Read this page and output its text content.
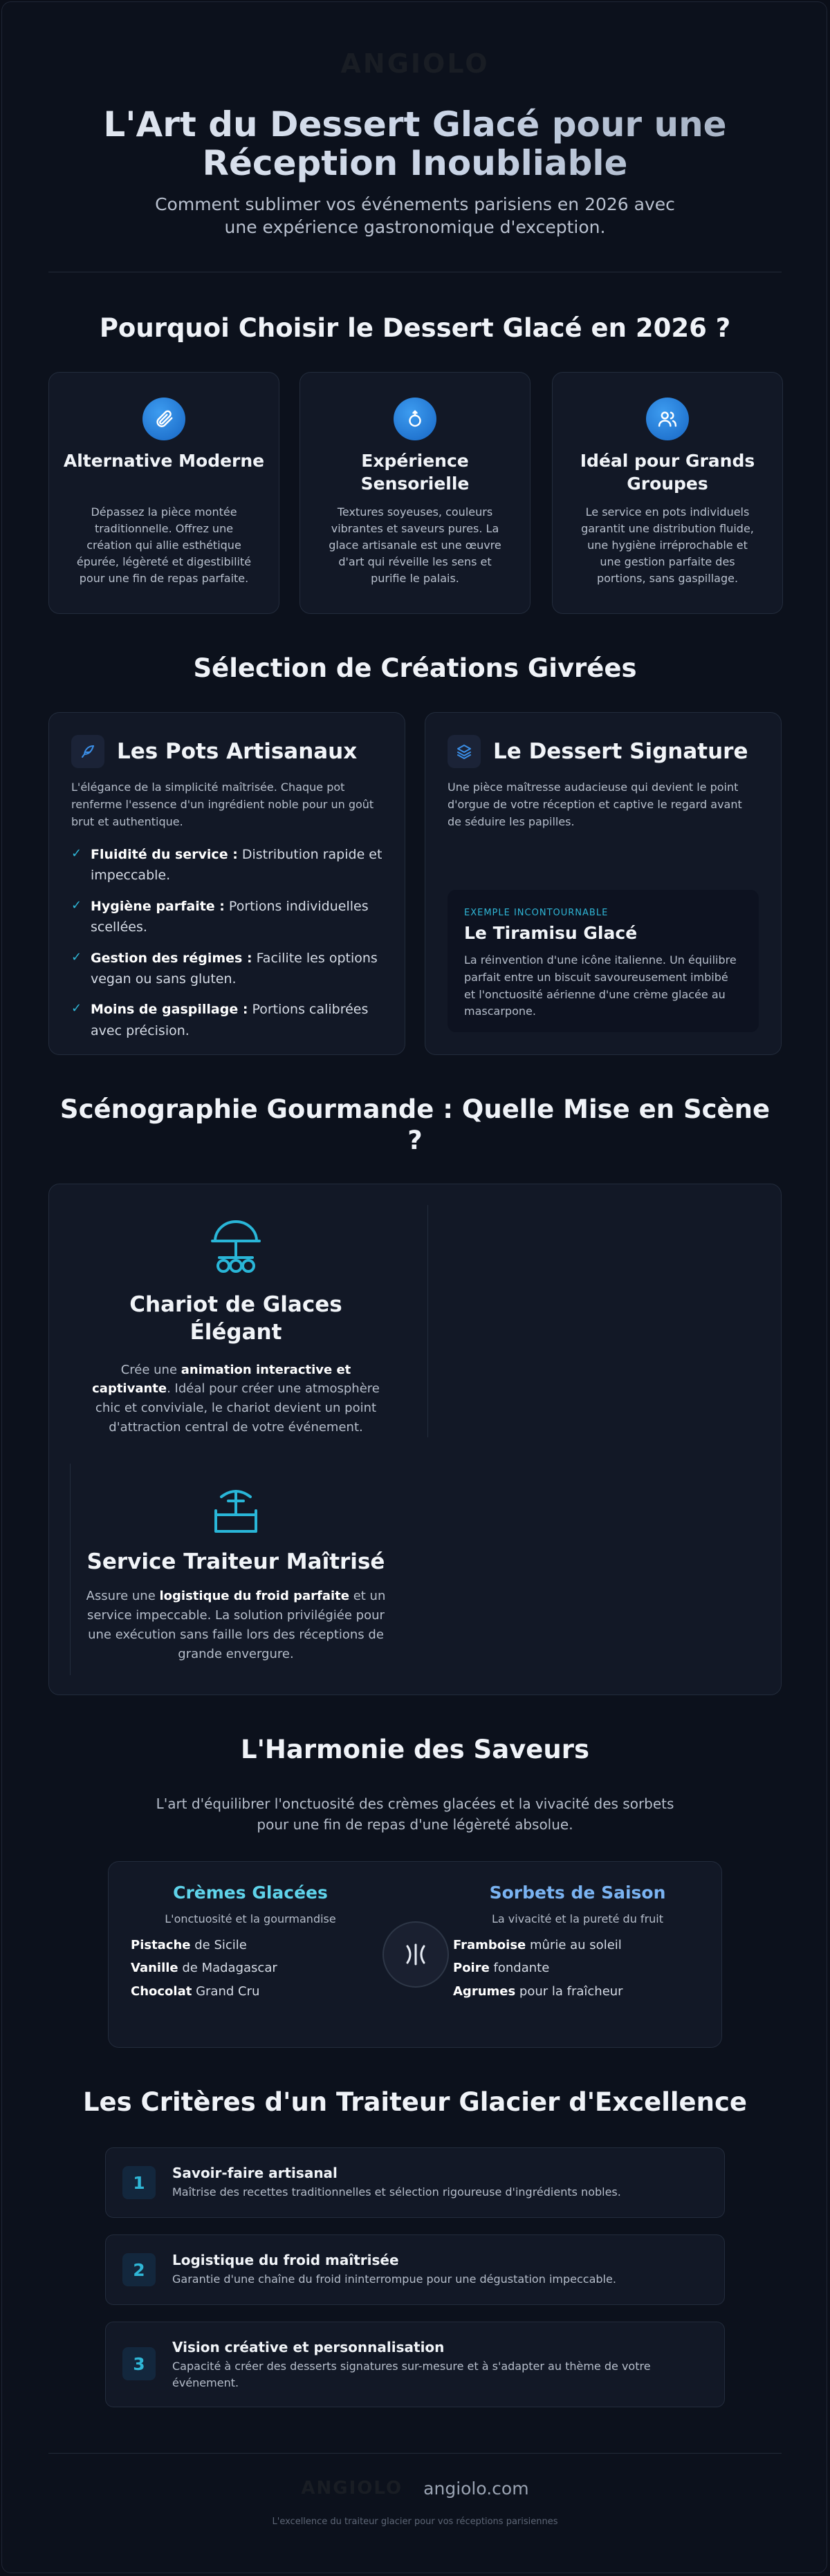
ANGIOLO
L'Art du Dessert Glacé pour une
Réception Inoubliable
Comment sublimer vos événements parisiens en 2026 avec une expérience gastronomique d'exception.
Pourquoi Choisir le Dessert Glacé en 2026 ?
Alternative Moderne
Dépassez la pièce montée traditionnelle. Offrez une création qui allie esthétique épurée, légèreté et digestibilité pour une fin de repas parfaite.
Expérience Sensorielle
Textures soyeuses, couleurs vibrantes et saveurs pures. La glace artisanale est une œuvre d'art qui réveille les sens et purifie le palais.
Idéal pour Grands Groupes
Le service en pots individuels garantit une distribution fluide, une hygiène irréprochable et une gestion parfaite des portions, sans gaspillage.
Sélection de Créations Givrées
Les Pots Artisanaux
L'élégance de la simplicité maîtrisée. Chaque pot renferme l'essence d'un ingrédient noble pour un goût brut et authentique.
✓ Fluidité du service : Distribution rapide et impeccable.
✓ Hygiène parfaite : Portions individuelles scellées.
✓ Gestion des régimes : Facilite les options vegan ou sans gluten.
✓ Moins de gaspillage : Portions calibrées avec précision.
Le Dessert Signature
Une pièce maîtresse audacieuse qui devient le point d'orgue de votre réception et captive le regard avant de séduire les papilles.
EXEMPLE INCONTOURNABLE
Le Tiramisu Glacé
La réinvention d'une icône italienne. Un équilibre parfait entre un biscuit savoureusement imbibé et l'onctuosité aérienne d'une crème glacée au mascarpone.
Scénographie Gourmande : Quelle Mise en Scène
?
Chariot de Glaces
Élégant
Crée une animation interactive et captivante. Idéal pour créer une atmosphère chic et conviviale, le chariot devient un point d'attraction central de votre événement.
Service Traiteur Maîtrisé
Assure une logistique du froid parfaite et un service impeccable. La solution privilégiée pour une exécution sans faille lors des réceptions de grande envergure.
L'Harmonie des Saveurs
L'art d'équilibrer l'onctuosité des crèmes glacées et la vivacité des sorbets pour une fin de repas d'une légèreté absolue.
Crèmes Glacées
L'onctuosité et la gourmandise
Pistache de Sicile
Vanille de Madagascar
Chocolat Grand Cru
Sorbets de Saison
La vivacité et la pureté du fruit
Framboise mûrie au soleil
Poire fondante
Agrumes pour la fraîcheur
Les Critères d'un Traiteur Glacier d'Excellence
1	Savoir-faire artisanal
Maîtrise des recettes traditionnelles et sélection rigoureuse d'ingrédients nobles.
2	Logistique du froid maîtrisée
Garantie d'une chaîne du froid ininterrompue pour une dégustation impeccable.
3
Vision créative et personnalisation
Capacité à créer des desserts signatures sur-mesure et à s'adapter au thème de votre événement.
ANGIOLO angiolo.com
L'excellence du traiteur glacier pour vos réceptions parisiennes
